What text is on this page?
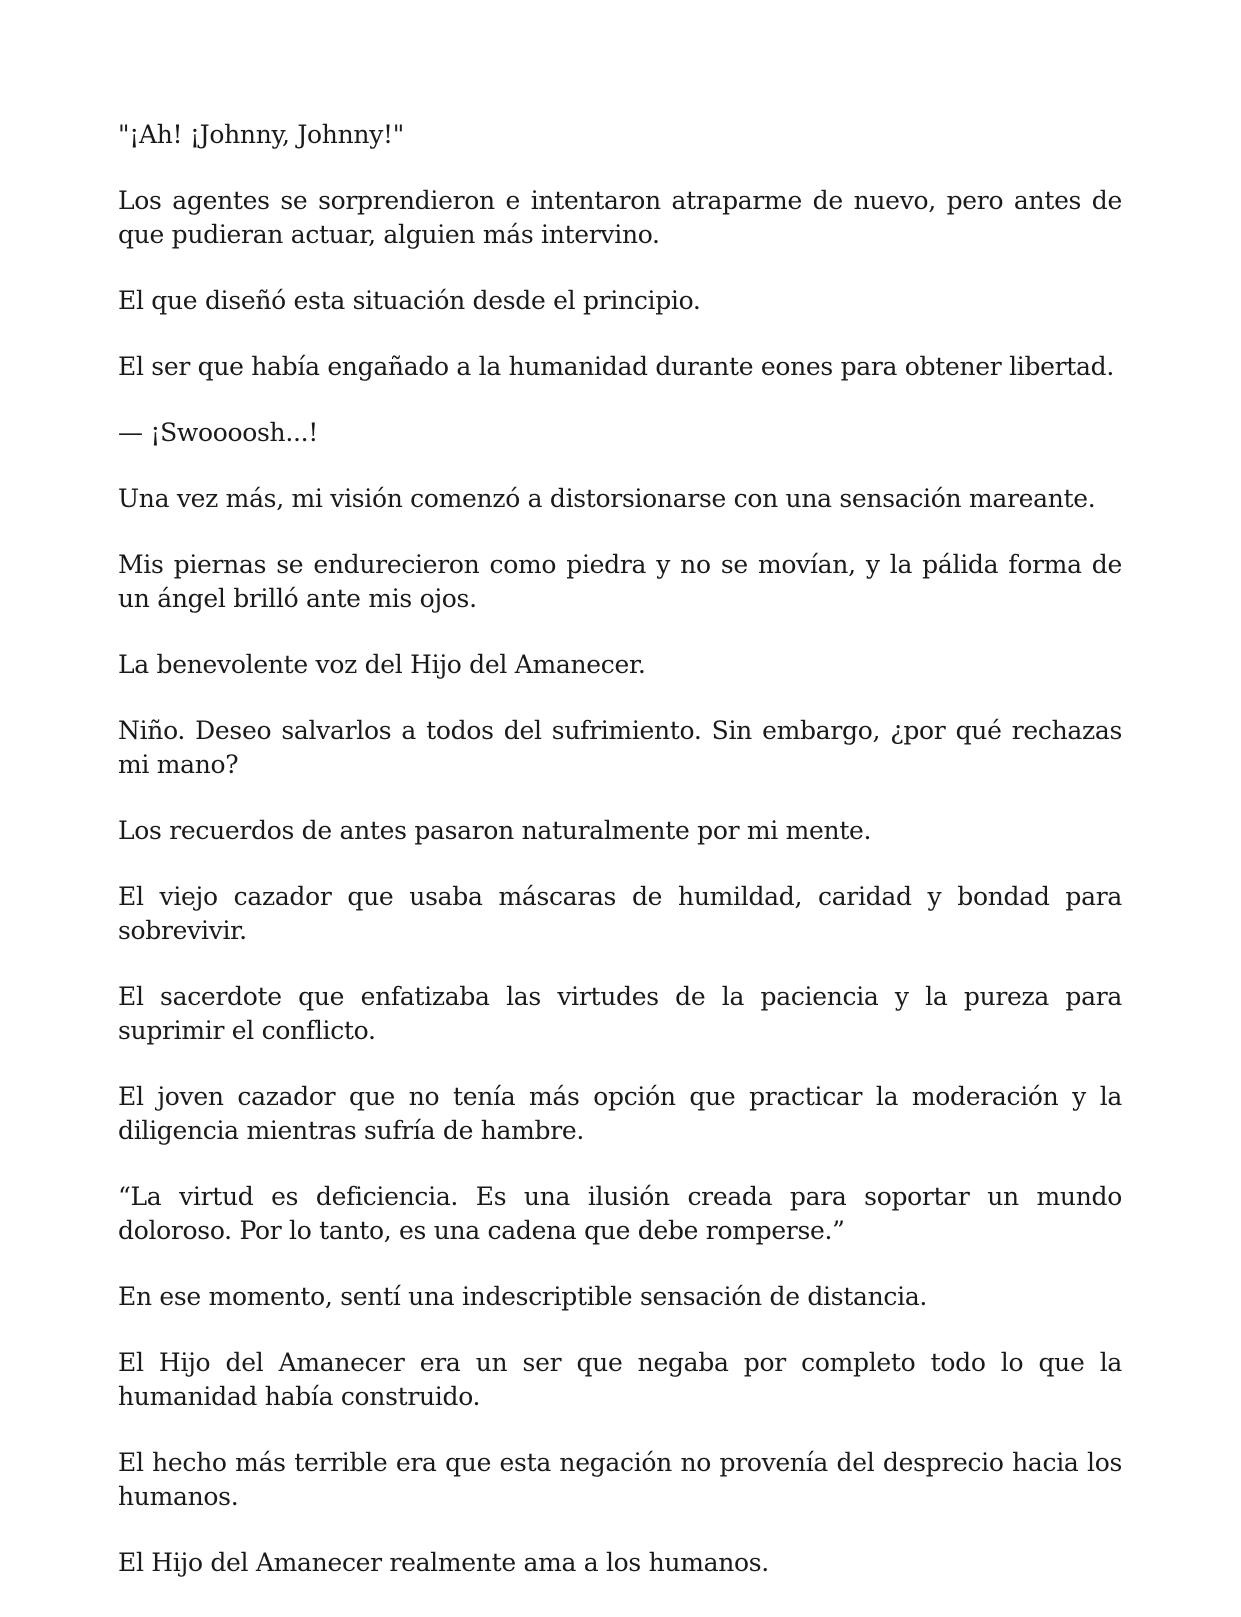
"¡Ah! ¡Johnny, Johnny!"

Los agentes se sorprendieron e intentaron atraparme de nuevo, pero antes de que pudieran actuar, alguien más intervino.

El que diseñó esta situación desde el principio.

El ser que había engañado a la humanidad durante eones para obtener libertad.

— ¡Swoooosh...!

Una vez más, mi visión comenzó a distorsionarse con una sensación mareante.

Mis piernas se endurecieron como piedra y no se movían, y la pálida forma de un ángel brilló ante mis ojos.

La benevolente voz del Hijo del Amanecer.

Niño. Deseo salvarlos a todos del sufrimiento. Sin embargo, ¿por qué rechazas mi mano?

Los recuerdos de antes pasaron naturalmente por mi mente.

El viejo cazador que usaba máscaras de humildad, caridad y bondad para sobrevivir.

El sacerdote que enfatizaba las virtudes de la paciencia y la pureza para suprimir el conflicto.

El joven cazador que no tenía más opción que practicar la moderación y la diligencia mientras sufría de hambre.

“La virtud es deficiencia. Es una ilusión creada para soportar un mundo doloroso. Por lo tanto, es una cadena que debe romperse.”

En ese momento, sentí una indescriptible sensación de distancia.

El Hijo del Amanecer era un ser que negaba por completo todo lo que la humanidad había construido.

El hecho más terrible era que esta negación no provenía del desprecio hacia los humanos.

El Hijo del Amanecer realmente ama a los humanos.
